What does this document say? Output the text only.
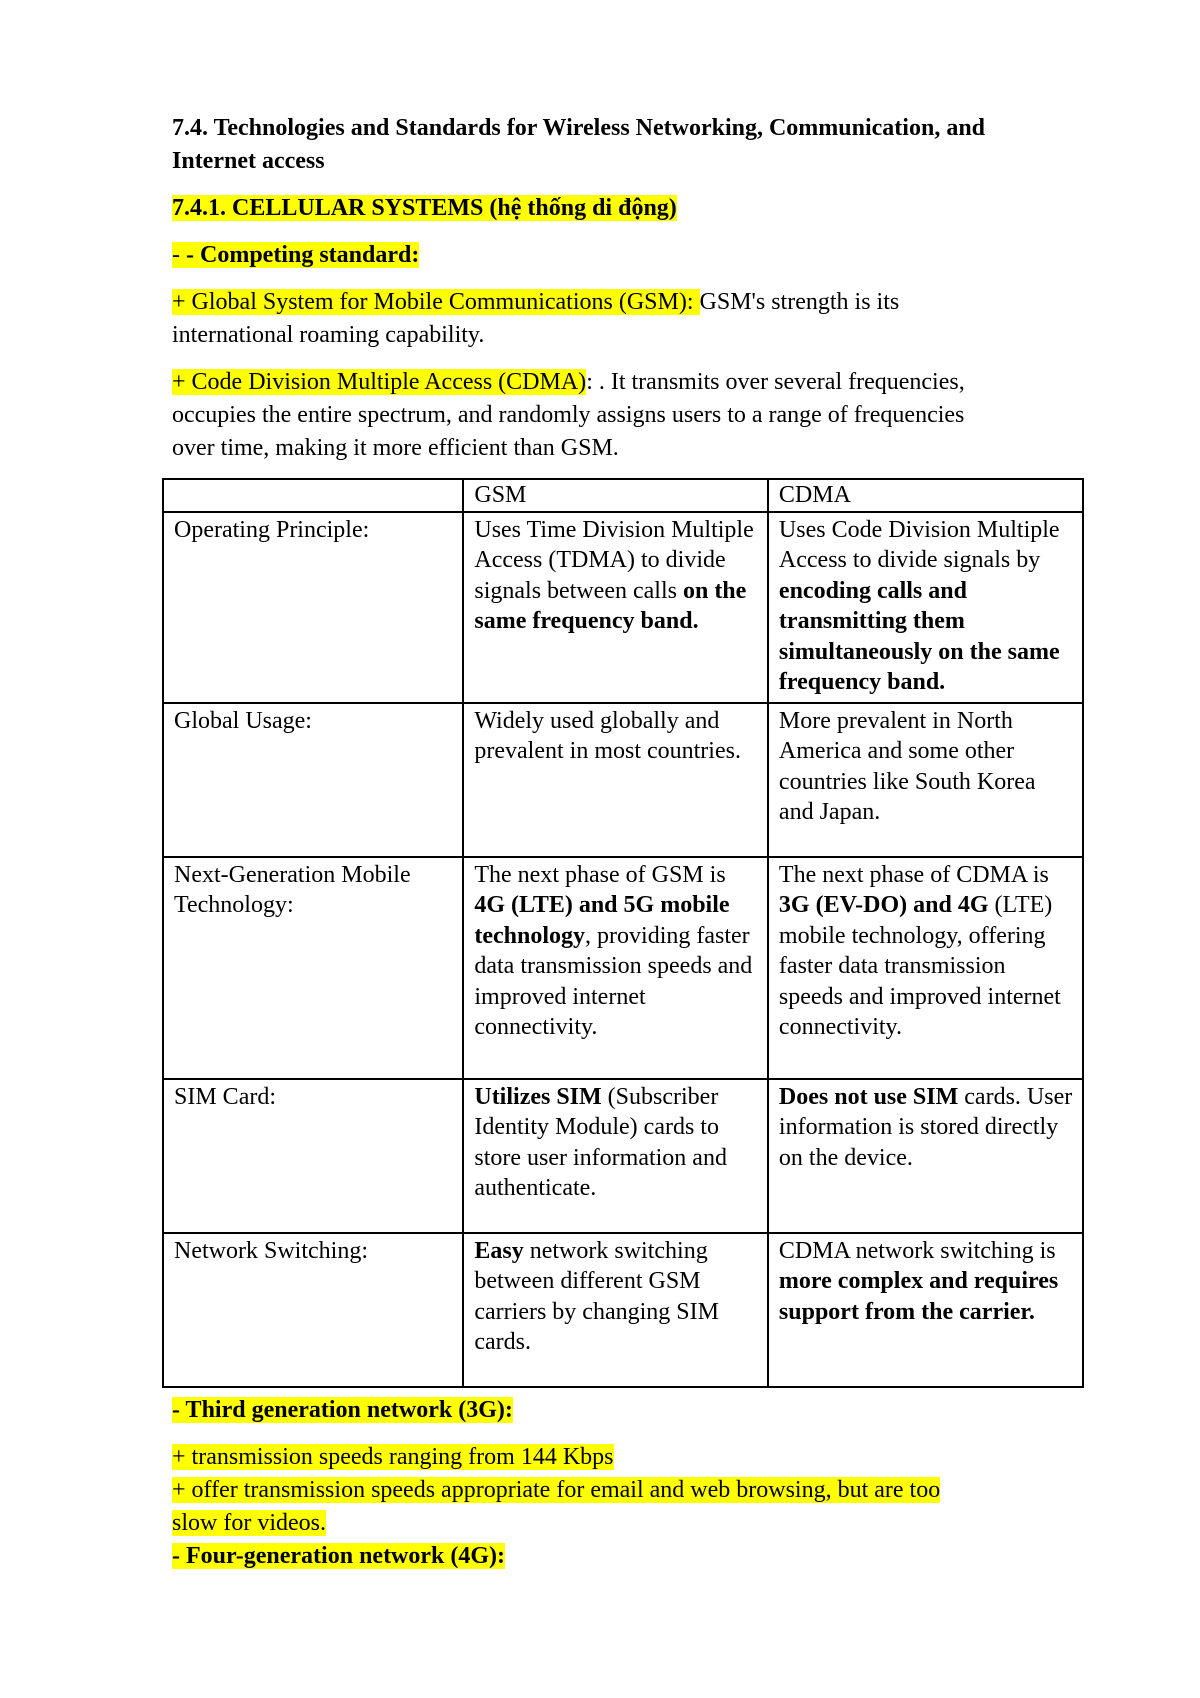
7.4. Technologies and Standards for Wireless Networking, Communication, and
Internet access

7.4.1. CELLULAR SYSTEMS (hệ thống di động)

- - Competing standard:

+ Global System for Mobile Communications (GSM): GSM's strength is its
international roaming capability.

+ Code Division Multiple Access (CDMA): . It transmits over several frequencies,
occupies the entire spectrum, and randomly assigns users to a range of frequencies
over time, making it more efficient than GSM.

	GSM	CDMA
Operating Principle:	Uses Time Division Multiple Access (TDMA) to divide signals between calls on the same frequency band.	Uses Code Division Multiple Access to divide signals by encoding calls and transmitting them simultaneously on the same frequency band.
Global Usage:	Widely used globally and prevalent in most countries.	More prevalent in North America and some other countries like South Korea and Japan.
Next-Generation Mobile Technology:	The next phase of GSM is 4G (LTE) and 5G mobile technology, providing faster data transmission speeds and improved internet connectivity.	The next phase of CDMA is 3G (EV-DO) and 4G (LTE) mobile technology, offering faster data transmission speeds and improved internet connectivity.
SIM Card:	Utilizes SIM (Subscriber Identity Module) cards to store user information and authenticate.	Does not use SIM cards. User information is stored directly on the device.
Network Switching:	Easy network switching between different GSM carriers by changing SIM cards.	CDMA network switching is more complex and requires support from the carrier.

- Third generation network (3G):

+ transmission speeds ranging from 144 Kbps
+ offer transmission speeds appropriate for email and web browsing, but are too
slow for videos.

- Four-generation network (4G):
